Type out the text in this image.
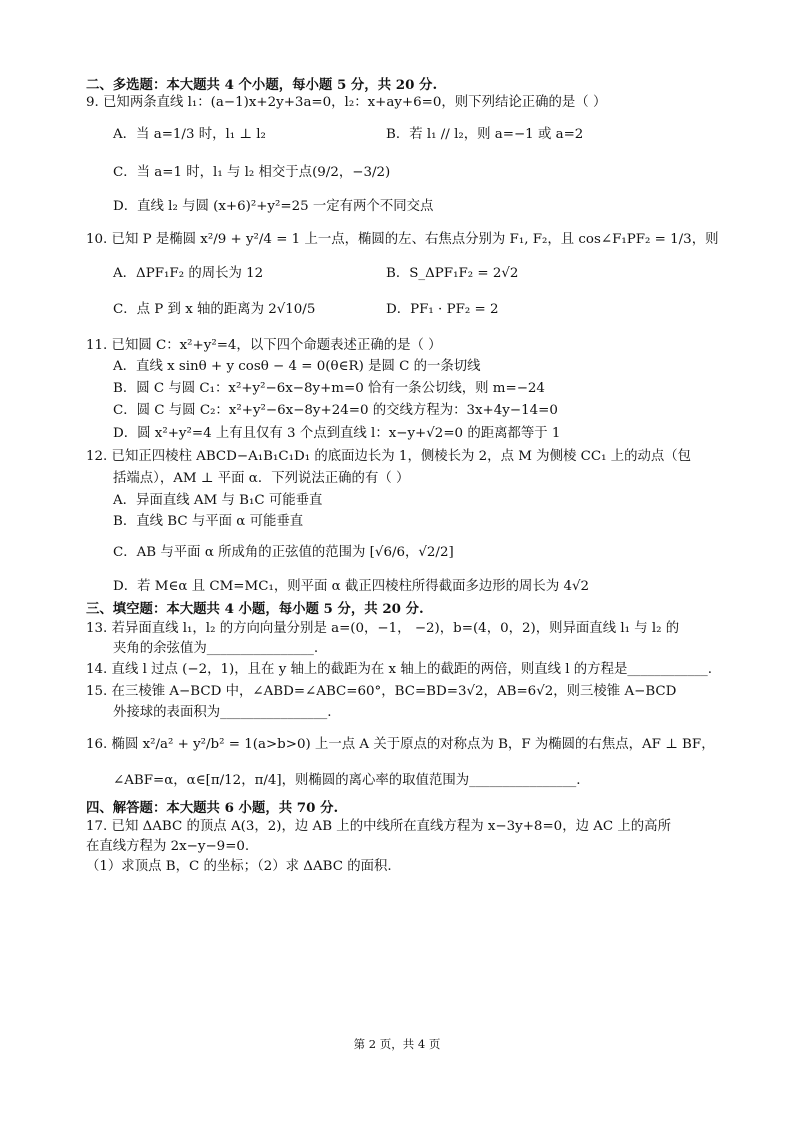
二、多选题：本大题共 4 个小题，每小题 5 分，共 20 分.
9. 已知两条直线 l₁：(a−1)x+2y+3a=0，l₂：x+ay+6=0，则下列结论正确的是（ ）
A．当 a=1/3 时，l₁ ⊥ l₂	B．若 l₁ // l₂，则 a=−1 或 a=2
C．当 a=1 时，l₁ 与 l₂ 相交于点(9/2，−3/2)
D．直线 l₂ 与圆 (x+6)²+y²=25 一定有两个不同交点
10. 已知 P 是椭圆 x²/9 + y²/4 = 1 上一点，椭圆的左、右焦点分别为 F₁, F₂，且 cos∠F₁PF₂ = 1/3，则
A．ΔPF₁F₂ 的周长为 12	B．S_ΔPF₁F₂ = 2√2
C．点 P 到 x 轴的距离为 2√10/5	D．PF₁ · PF₂ = 2
11. 已知圆 C：x²+y²=4，以下四个命题表述正确的是（ ）
A．直线 x sinθ + y cosθ − 4 = 0(θ∈R) 是圆 C 的一条切线
B．圆 C 与圆 C₁：x²+y²−6x−8y+m=0 恰有一条公切线，则 m=−24
C．圆 C 与圆 C₂：x²+y²−6x−8y+24=0 的交线方程为：3x+4y−14=0
D．圆 x²+y²=4 上有且仅有 3 个点到直线 l：x−y+√2=0 的距离都等于 1
12. 已知正四棱柱 ABCD−A₁B₁C₁D₁ 的底面边长为 1，侧棱长为 2，点 M 为侧棱 CC₁ 上的动点（包
括端点），AM ⊥ 平面 α．下列说法正确的有（ ）
A．异面直线 AM 与 B₁C 可能垂直
B．直线 BC 与平面 α 可能垂直
C．AB 与平面 α 所成角的正弦值的范围为 [√6/6，√2/2]
D．若 M∈α 且 CM=MC₁，则平面 α 截正四棱柱所得截面多边形的周长为 4√2
三、填空题：本大题共 4 小题，每小题 5 分，共 20 分.
13. 若异面直线 l₁，l₂ 的方向向量分别是 a=(0，−1， −2)，b=(4，0，2)，则异面直线 l₁ 与 l₂ 的
夹角的余弦值为________________.
14. 直线 l 过点 (−2，1)，且在 y 轴上的截距为在 x 轴上的截距的两倍，则直线 l 的方程是____________.
15. 在三棱锥 A−BCD 中，∠ABD=∠ABC=60°，BC=BD=3√2，AB=6√2，则三棱锥 A−BCD
外接球的表面积为________________.
16. 椭圆 x²/a² + y²/b² = 1(a>b>0) 上一点 A 关于原点的对称点为 B，F 为椭圆的右焦点，AF ⊥ BF，
∠ABF=α，α∈[π/12，π/4]，则椭圆的离心率的取值范围为________________.
四、解答题：本大题共 6 小题，共 70 分.
17. 已知 ΔABC 的顶点 A(3，2)，边 AB 上的中线所在直线方程为 x−3y+8=0，边 AC 上的高所
在直线方程为 2x−y−9=0.
（1）求顶点 B，C 的坐标；（2）求 ΔABC 的面积.
第 2 页，共 4 页
